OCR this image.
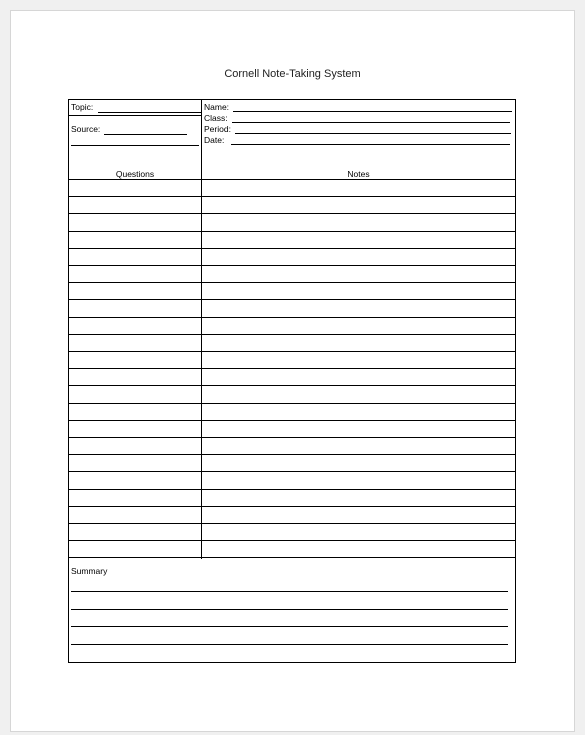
Cornell Note-Taking System
Topic:
Source:
Name:
Class:
Period:
Date:
Questions	Notes
Summary
